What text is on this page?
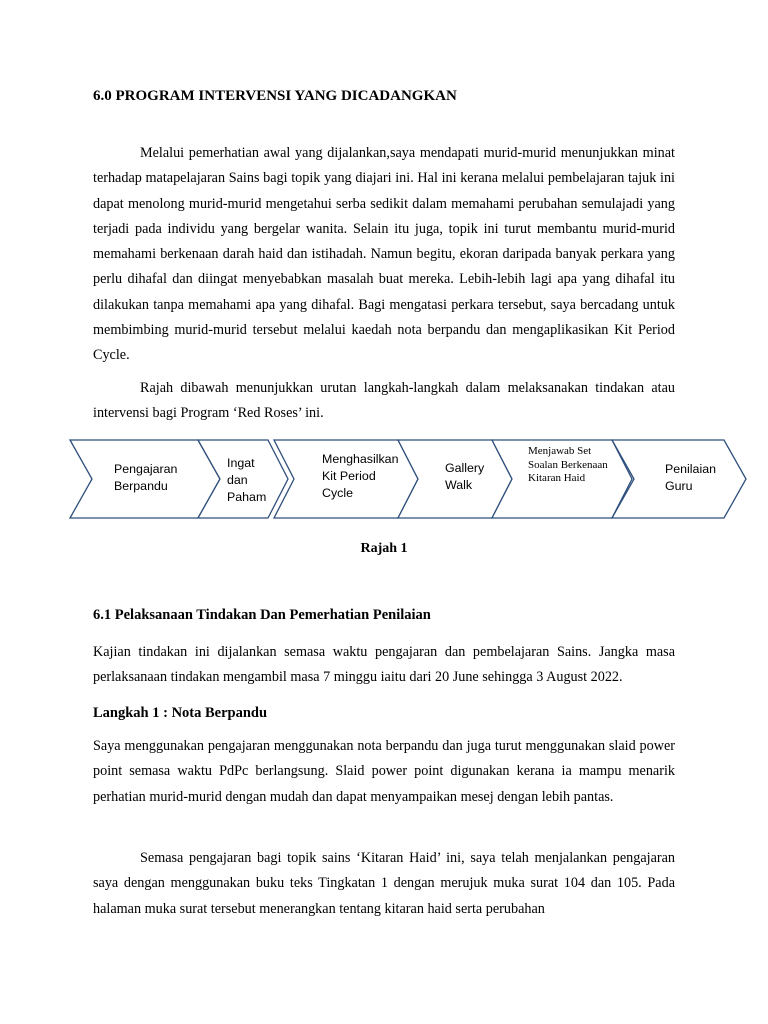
6.0 PROGRAM INTERVENSI YANG DICADANGKAN

Melalui pemerhatian awal yang dijalankan,saya mendapati murid-murid menunjukkan minat terhadap matapelajaran Sains bagi topik yang diajari ini. Hal ini kerana melalui pembelajaran tajuk ini dapat menolong murid-murid mengetahui serba sedikit dalam memahami perubahan semulajadi yang terjadi pada individu yang bergelar wanita. Selain itu juga, topik ini turut membantu murid-murid memahami berkenaan darah haid dan istihadah. Namun begitu, ekoran daripada banyak perkara yang perlu dihafal dan diingat menyebabkan masalah buat mereka. Lebih-lebih lagi apa yang dihafal itu dilakukan tanpa memahami apa yang dihafal. Bagi mengatasi perkara tersebut, saya bercadang untuk membimbing murid-murid tersebut melalui kaedah nota berpandu dan mengaplikasikan Kit Period Cycle.

Rajah dibawah menunjukkan urutan langkah-langkah dalam melaksanakan tindakan atau intervensi bagi Program ‘Red Roses’ ini.

Pengajaran Berpandu
Ingat dan Paham
Menghasilkan Kit Period Cycle
Gallery Walk
Menjawab Set Soalan Berkenaan Kitaran Haid
Penilaian Guru

Rajah 1

6.1 Pelaksanaan Tindakan Dan Pemerhatian Penilaian

Kajian tindakan ini dijalankan semasa waktu pengajaran dan pembelajaran Sains. Jangka masa perlaksanaan tindakan mengambil masa 7 minggu iaitu dari 20 June sehingga 3 August 2022.

Langkah 1 : Nota Berpandu

Saya menggunakan pengajaran menggunakan nota berpandu dan juga turut menggunakan slaid power point semasa waktu PdPc berlangsung. Slaid power point digunakan kerana ia mampu menarik perhatian murid-murid dengan mudah dan dapat menyampaikan mesej dengan lebih pantas.

Semasa pengajaran bagi topik sains ‘Kitaran Haid’ ini, saya telah menjalankan pengajaran saya dengan menggunakan buku teks Tingkatan 1 dengan merujuk muka surat 104 dan 105. Pada halaman muka surat tersebut menerangkan tentang kitaran haid serta perubahan
